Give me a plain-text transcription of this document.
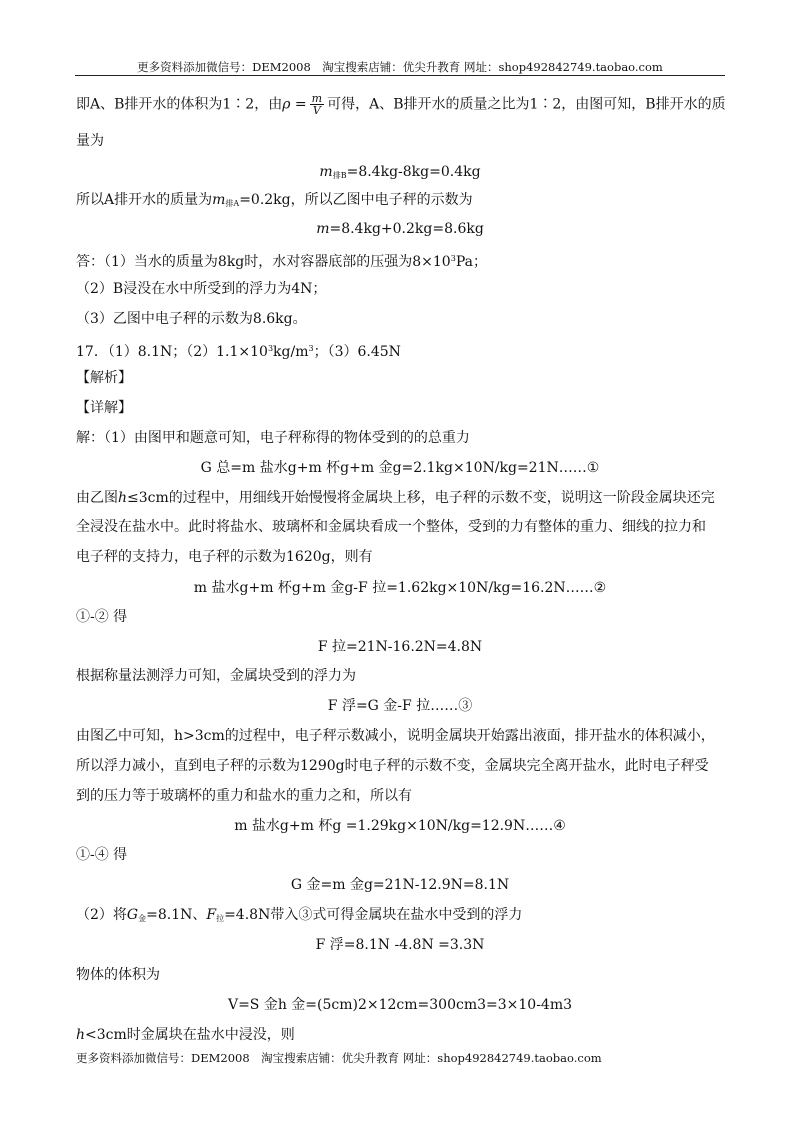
更多资料添加微信号：DEM2008　淘宝搜索店铺：优尖升教育 网址：shop492842749.taobao.com
即A、B排开水的体积为1∶2，由$\rho = \frac{m}{V}$ 可得，A、B排开水的质量之比为1∶2，由图可知，B排开水的质
量为
$m_{排B}=8.4kg-8kg=0.4kg$
所以A排开水的质量为$m_{排A}=0.2kg$，所以乙图中电子秤的示数为
m=8.4kg+0.2kg=8.6kg
答：（1）当水的质量为8kg时，水对容器底部的压强为$8\times 10^3Pa$；
（2）B浸没在水中所受到的浮力为4N；
（3）乙图中电子秤的示数为8.6kg。
17．（1）8.1N；$(2)1.1\times 10^3kg/m^3$；（3）6.45N
【解析】
【详解】
解：（1）由图甲和题意可知，电子秤称得的物体受到的的总重力
G 总=m 盐水g+m 杯g+m 金g=2.1kg×10N/kg=21N……①
由乙图h≤3cm的过程中，用细线开始慢慢将金属块上移，电子秤的示数不变，说明这一阶段金属块还完
全浸没在盐水中。此时将盐水、玻璃杯和金属块看成一个整体，受到的力有整体的重力、细线的拉力和
电子秤的支持力，电子秤的示数为1620g，则有
m 盐水g+m 杯g+m 金g-F 拉=1.62kg×10N/kg=16.2N……②
①-② 得
F 拉=21N-16.2N=4.8N
根据称量法测浮力可知，金属块受到的浮力为
F 浮=G 金-F 拉……③
由图乙中可知，h>3cm的过程中，电子秤示数减小，说明金属块开始露出液面，排开盐水的体积减小，
所以浮力减小，直到电子秤的示数为1290g时电子秤的示数不变，金属块完全离开盐水，此时电子秤受
到的压力等于玻璃杯的重力和盐水的重力之和，所以有
m 盐水g+m 杯g =1.29kg×10N/kg=12.9N……④
①-④ 得
G 金=m 金g=21N-12.9N=8.1N
（2）将$G_金=8.1N$、$F_拉=4.8N$带入③式可得金属块在盐水中受到的浮力
F 浮=8.1N -4.8N =3.3N
物体的体积为
V=S 金h 金=(5cm)2×12cm=300cm3=3×10-4m3
h<3cm时金属块在盐水中浸没，则
更多资料添加微信号：DEM2008　淘宝搜索店铺：优尖升教育 网址：shop492842749.taobao.com
